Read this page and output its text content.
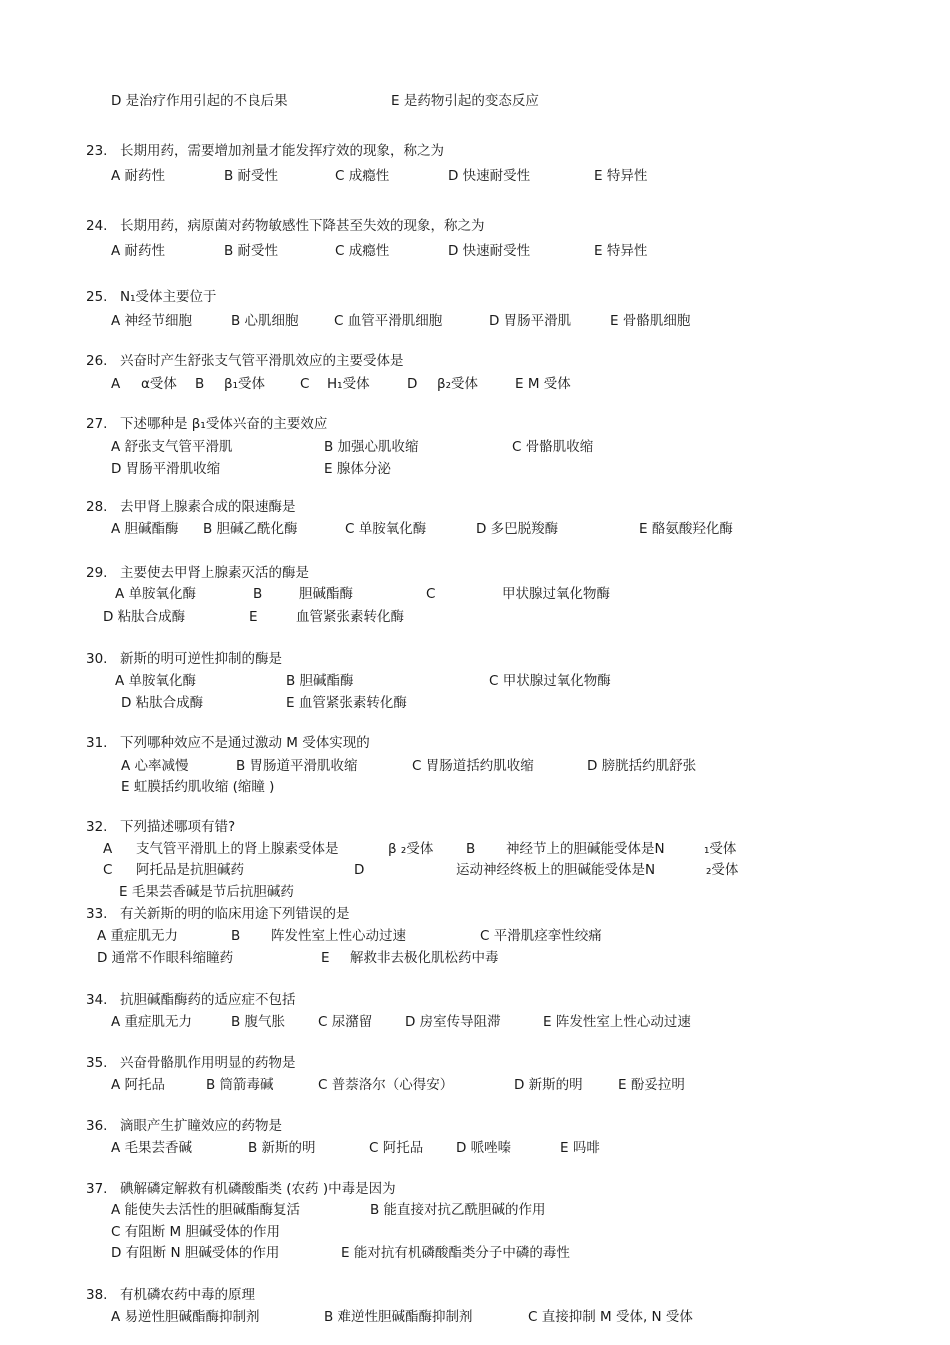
D 是治疗作用引起的不良后果	E 是药物引起的变态反应
23. 长期用药，需要增加剂量才能发挥疗效的现象，称之为
A 耐药性	B 耐受性	C 成瘾性	D 快速耐受性	E 特异性
24. 长期用药，病原菌对药物敏感性下降甚至失效的现象，称之为
A 耐药性	B 耐受性	C 成瘾性	D 快速耐受性	E 特异性
25. N₁受体主要位于
A 神经节细胞	B 心肌细胞	C 血管平滑肌细胞	D 胃肠平滑肌	E 骨骼肌细胞
26. 兴奋时产生舒张支气管平滑肌效应的主要受体是
A α受体 B β₁受体	C H₁受体	D β₂受体	E M 受体
27. 下述哪种是 β₁受体兴奋的主要效应
A 舒张支气管平滑肌	B 加强心肌收缩	C 骨骼肌收缩
D 胃肠平滑肌收缩	E 腺体分泌
28. 去甲肾上腺素合成的限速酶是
A 胆碱酯酶 B 胆碱乙酰化酶	C 单胺氧化酶	D 多巴脱羧酶	E 酪氨酸羟化酶
29. 主要使去甲肾上腺素灭活的酶是
A 单胺氧化酶	B	胆碱酯酶	C	甲状腺过氧化物酶
D 粘肽合成酶	E	血管紧张素转化酶
30. 新斯的明可逆性抑制的酶是
A 单胺氧化酶	B 胆碱酯酶	C 甲状腺过氧化物酶
D 粘肽合成酶	E 血管紧张素转化酶
31. 下列哪种效应不是通过激动 M 受体实现的
A 心率减慢	B 胃肠道平滑肌收缩	C 胃肠道括约肌收缩	D 膀胱括约肌舒张
E 虹膜括约肌收缩 (缩瞳 )
32. 下列描述哪项有错?
A 支气管平滑肌上的肾上腺素受体是	β ₂受体 B 神经节上的胆碱能受体是N	₁受体
C 阿托品是抗胆碱药	D	运动神经终板上的胆碱能受体是N	₂受体
E 毛果芸香碱是节后抗胆碱药
33. 有关新斯的明的临床用途下列错误的是
A 重症肌无力	B 阵发性室上性心动过速	C 平滑肌痉挛性绞痛
D 通常不作眼科缩瞳药	E 解救非去极化肌松药中毒
34. 抗胆碱酯酶药的适应症不包括
A 重症肌无力	B 腹气胀 C 尿潴留 D 房室传导阻滞	E 阵发性室上性心动过速
35. 兴奋骨骼肌作用明显的药物是
A 阿托品	B 筒箭毒碱	C 普萘洛尔（心得安）	D 新斯的明	E 酚妥拉明
36. 滴眼产生扩瞳效应的药物是
A 毛果芸香碱	B 新斯的明	C 阿托品 D 哌唑嗪	E 吗啡
37. 碘解磷定解救有机磷酸酯类 (农药 )中毒是因为
A 能使失去活性的胆碱酯酶复活	B 能直接对抗乙酰胆碱的作用
C 有阻断 M 胆碱受体的作用
D 有阻断 N 胆碱受体的作用	E 能对抗有机磷酸酯类分子中磷的毒性
38. 有机磷农药中毒的原理
A 易逆性胆碱酯酶抑制剂	B 难逆性胆碱酯酶抑制剂	C 直接抑制 M 受体, N 受体
